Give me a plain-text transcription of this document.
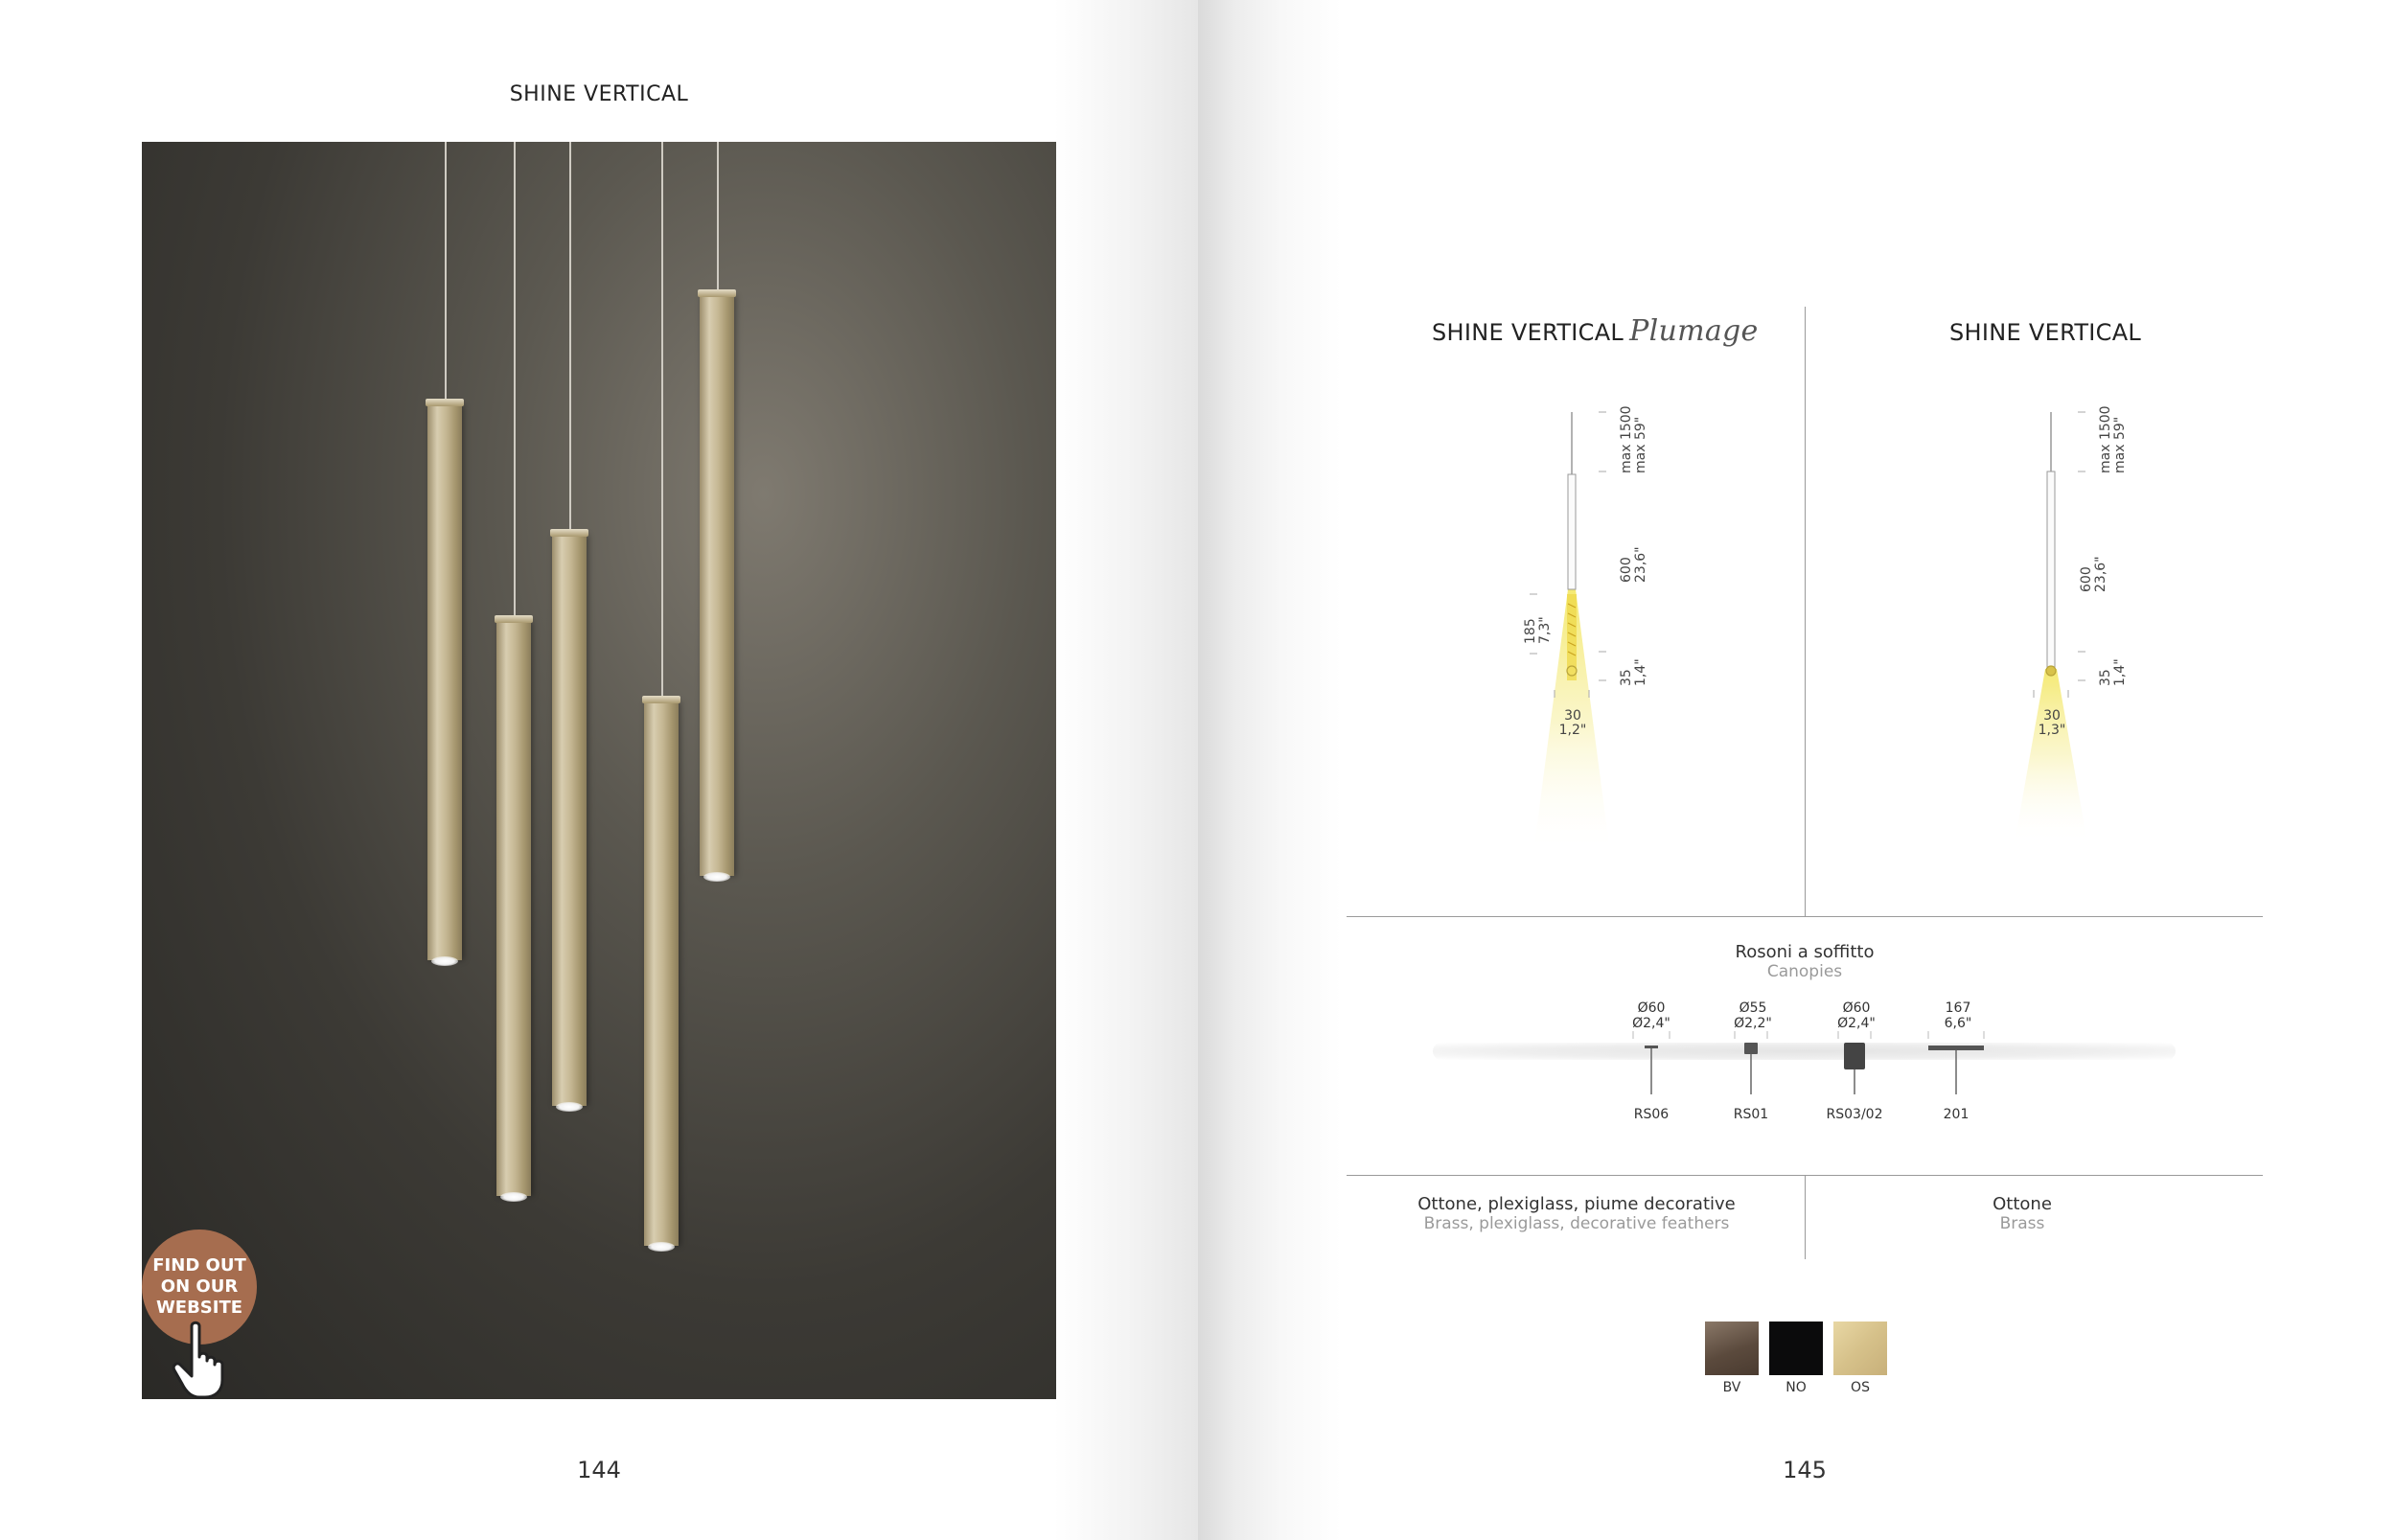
SHINE VERTICAL
FIND OUT
ON OUR
WEBSITE
144
SHINE VERTICAL Plumage	SHINE VERTICAL
max 1500 max 59"
600 23,6"
185 7,3"
35 1,4"
30
1,2"
max 1500 max 59"
600 23,6"
35 1,4"
30
1,3"
Rosoni a soffitto
Canopies
Ø60
Ø2,4"
Ø55
Ø2,2"
Ø60
Ø2,4"
167
6,6"
RS06	RS01	RS03/02	201
Ottone, plexiglass, piume decorative
Brass, plexiglass, decorative feathers
Ottone
Brass
BV	NO	OS
145
